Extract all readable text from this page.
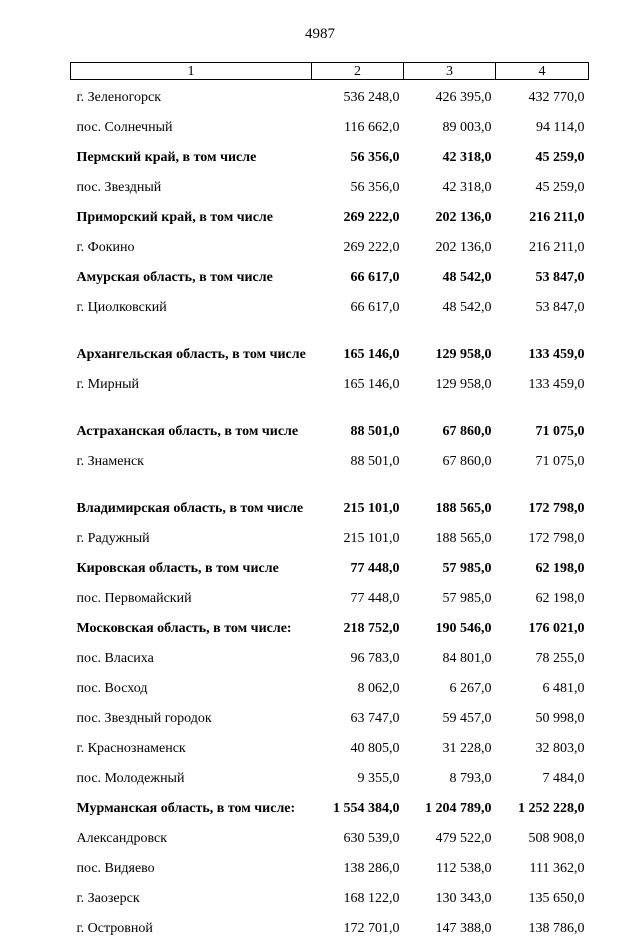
4987
1	2	3	4
г. Зеленогорск	536 248,0	426 395,0	432 770,0
пос. Солнечный	116 662,0	89 003,0	94 114,0
Пермский край, в том числе	56 356,0	42 318,0	45 259,0
пос. Звездный	56 356,0	42 318,0	45 259,0
Приморский край, в том числе	269 222,0	202 136,0	216 211,0
г. Фокино	269 222,0	202 136,0	216 211,0
Амурская область, в том числе	66 617,0	48 542,0	53 847,0
г. Циолковский	66 617,0	48 542,0	53 847,0

Архангельская область, в том числе	165 146,0	129 958,0	133 459,0
г. Мирный	165 146,0	129 958,0	133 459,0

Астраханская область, в том числе	88 501,0	67 860,0	71 075,0
г. Знаменск	88 501,0	67 860,0	71 075,0

Владимирская область, в том числе	215 101,0	188 565,0	172 798,0
г. Радужный	215 101,0	188 565,0	172 798,0
Кировская область, в том числе	77 448,0	57 985,0	62 198,0
пос. Первомайский	77 448,0	57 985,0	62 198,0
Московская область, в том числе:	218 752,0	190 546,0	176 021,0
пос. Власиха	96 783,0	84 801,0	78 255,0
пос. Восход	8 062,0	6 267,0	6 481,0
пос. Звездный городок	63 747,0	59 457,0	50 998,0
г. Краснознаменск	40 805,0	31 228,0	32 803,0
пос. Молодежный	9 355,0	8 793,0	7 484,0
Мурманская область, в том числе:	1 554 384,0	1 204 789,0	1 252 228,0
Александровск	630 539,0	479 522,0	508 908,0
пос. Видяево	138 286,0	112 538,0	111 362,0
г. Заозерск	168 122,0	130 343,0	135 650,0
г. Островной	172 701,0	147 388,0	138 786,0
